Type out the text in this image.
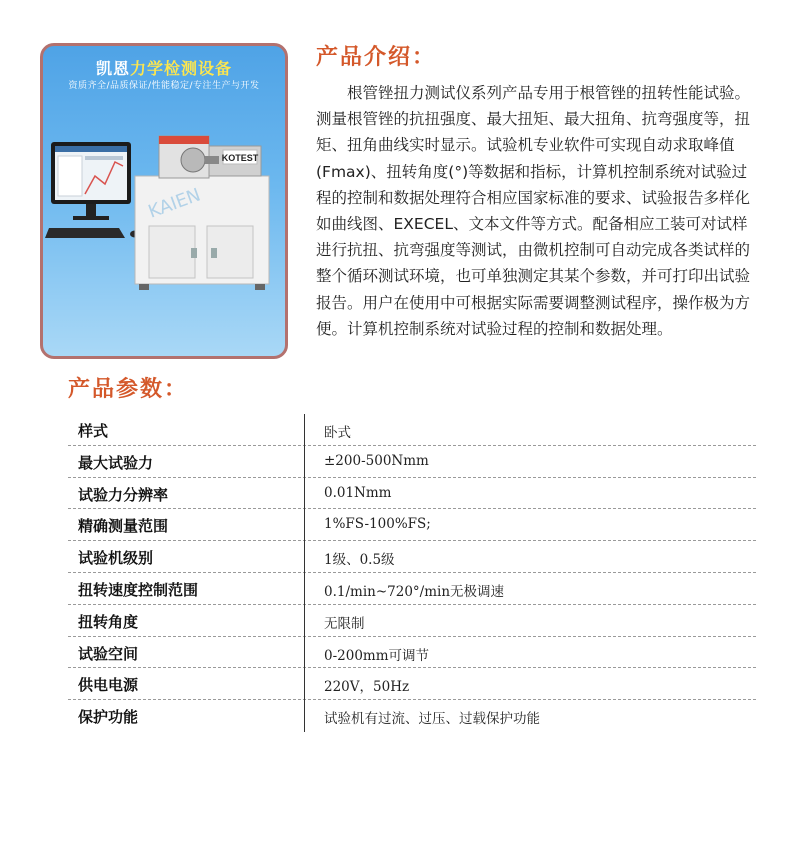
凯恩力学检测设备
资质齐全/品质保证/性能稳定/专注生产与开发
KOTEST
KAIEN
产品介绍：

根管锉扭力测试仪系列产品专用于根管锉的扭转性能试验。测量根管锉的抗扭强度、最大扭矩、最大扭角、抗弯强度等，扭矩、扭角曲线实时显示。试验机专业软件可实现自动求取峰值(Fmax)、扭转角度(°)等数据和指标，计算机控制系统对试验过程的控制和数据处理符合相应国家标准的要求、试验报告多样化如曲线图、EXECEL、文本文件等方式。配备相应工装可对试样进行抗扭、抗弯强度等测试，由微机控制可自动完成各类试样的整个循环测试环境，也可单独测定其某个参数，并可打印出试验报告。用户在使用中可根据实际需要调整测试程序，操作极为方便。计算机控制系统对试验过程的控制和数据处理。

产品参数：
样式	卧式
最大试验力	±200-500Nmm
试验力分辨率	0.01Nmm
精确测量范围	1%FS-100%FS;
试验机级别	1级、0.5级
扭转速度控制范围	0.1/min~720°/min无极调速
扭转角度	无限制
试验空间	0-200mm可调节
供电电源	220V，50Hz
保护功能	试验机有过流、过压、过载保护功能
